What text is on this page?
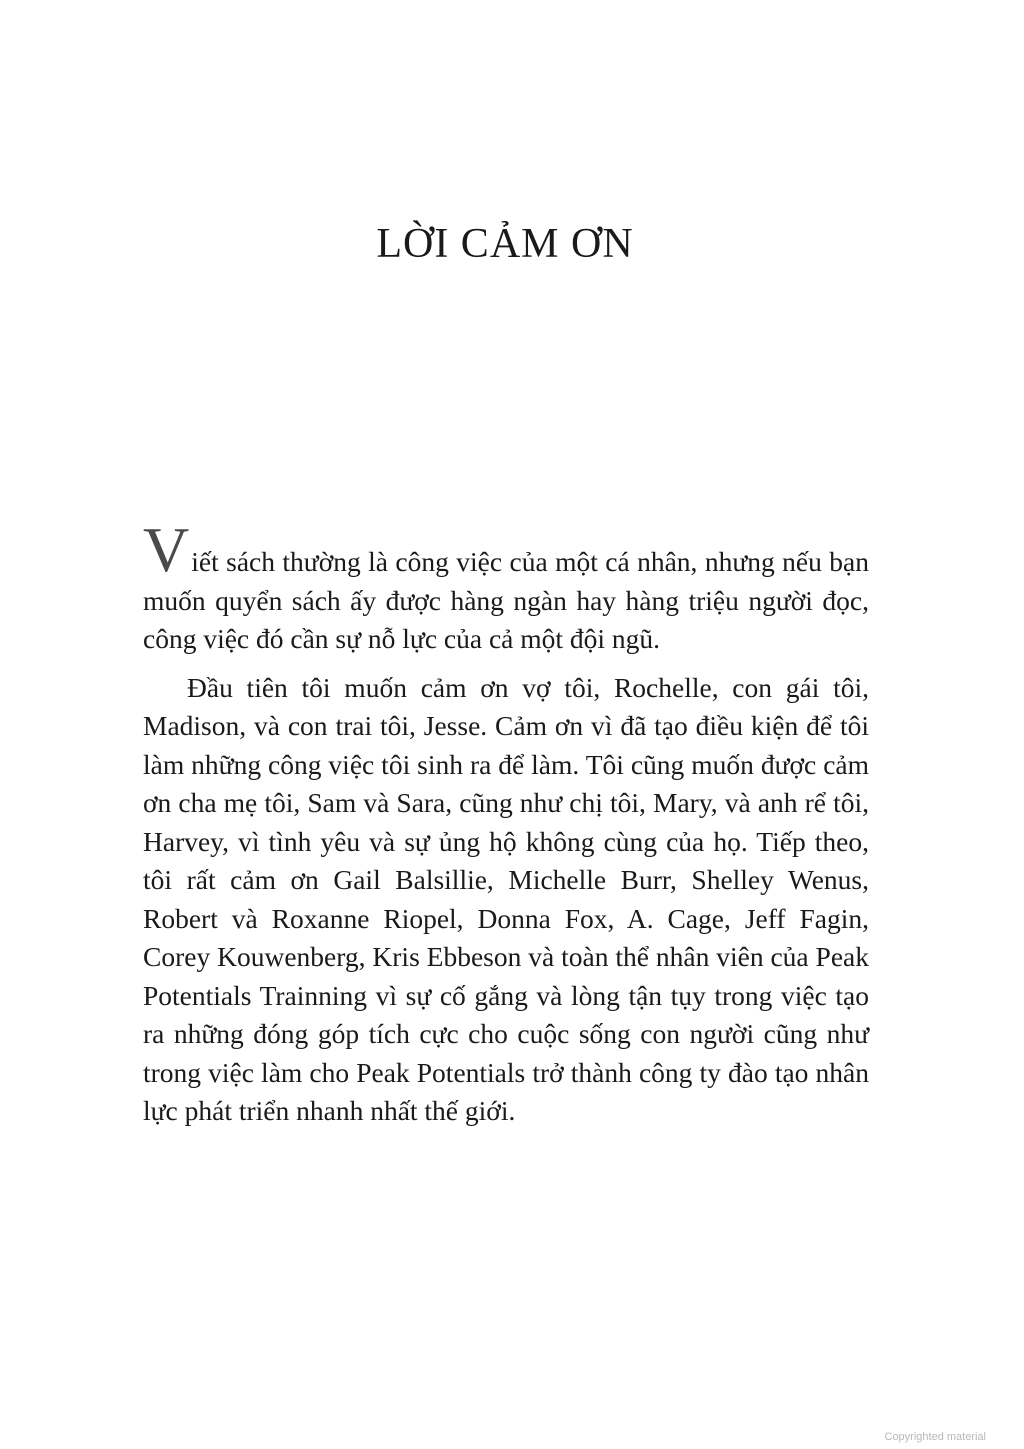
LỜI CẢM ƠN

Viết sách thường là công việc của một cá nhân, nhưng nếu bạn muốn quyển sách ấy được hàng ngàn hay hàng triệu người đọc, công việc đó cần sự nỗ lực của cả một đội ngũ.

Đầu tiên tôi muốn cảm ơn vợ tôi, Rochelle, con gái tôi, Madison, và con trai tôi, Jesse. Cảm ơn vì đã tạo điều kiện để tôi làm những công việc tôi sinh ra để làm. Tôi cũng muốn được cảm ơn cha mẹ tôi, Sam và Sara, cũng như chị tôi, Mary, và anh rể tôi, Harvey, vì tình yêu và sự ủng hộ không cùng của họ. Tiếp theo, tôi rất cảm ơn Gail Balsillie, Michelle Burr, Shelley Wenus, Robert và Roxanne Riopel, Donna Fox, A. Cage, Jeff Fagin, Corey Kouwenberg, Kris Ebbeson và toàn thể nhân viên của Peak Potentials Trainning vì sự cố gắng và lòng tận tụy trong việc tạo ra những đóng góp tích cực cho cuộc sống con người cũng như trong việc làm cho Peak Potentials trở thành công ty đào tạo nhân lực phát triển nhanh nhất thế giới.

Copyrighted material
